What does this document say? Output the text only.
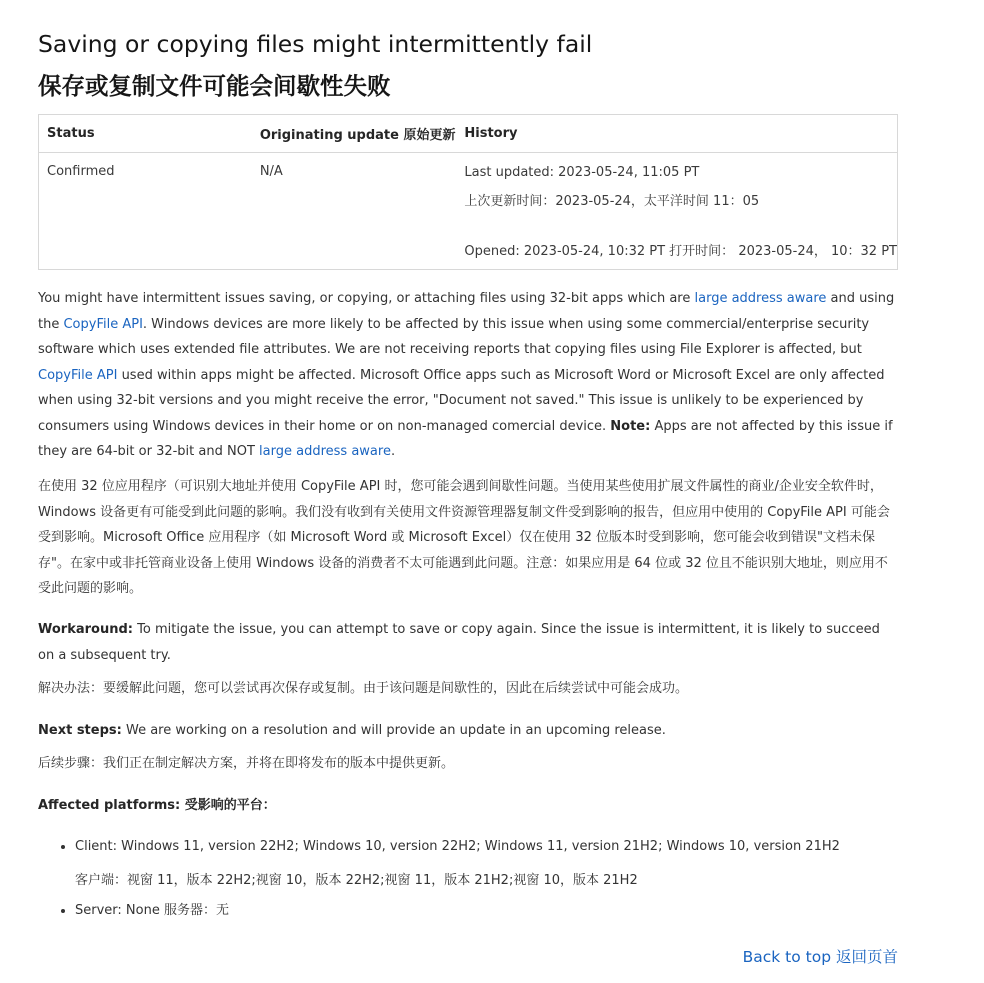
Saving or copying files might intermittently fail
保存或复制文件可能会间歇性失败
Status	Originating update 原始更新	History
Confirmed	N/A	Last updated: 2023-05-24, 11:05 PT
上次更新时间：2023-05-24，太平洋时间 11：05
Opened: 2023-05-24, 10:32 PT 打开时间： 2023-05-24， 10：32 PT
You might have intermittent issues saving, or copying, or attaching files using 32-bit apps which are large address aware and using the CopyFile API. Windows devices are more likely to be affected by this issue when using some commercial/enterprise security software which uses extended file attributes. We are not receiving reports that copying files using File Explorer is affected, but CopyFile API used within apps might be affected. Microsoft Office apps such as Microsoft Word or Microsoft Excel are only affected when using 32-bit versions and you might receive the error, "Document not saved." This issue is unlikely to be experienced by consumers using Windows devices in their home or on non-managed comercial device. Note: Apps are not affected by this issue if they are 64-bit or 32-bit and NOT large address aware.
在使用 32 位应用程序（可识别大地址并使用 CopyFile API 时，您可能会遇到间歇性问题。当使用某些使用扩展文件属性的商业/企业安全软件时，Windows 设备更有可能受到此问题的影响。我们没有收到有关使用文件资源管理器复制文件受到影响的报告，但应用中使用的 CopyFile API 可能会受到影响。Microsoft Office 应用程序（如 Microsoft Word 或 Microsoft Excel）仅在使用 32 位版本时受到影响，您可能会收到错误"文档未保存"。在家中或非托管商业设备上使用 Windows 设备的消费者不太可能遇到此问题。注意：如果应用是 64 位或 32 位且不能识别大地址，则应用不受此问题的影响。
Workaround: To mitigate the issue, you can attempt to save or copy again. Since the issue is intermittent, it is likely to succeed on a subsequent try.
解决办法：要缓解此问题，您可以尝试再次保存或复制。由于该问题是间歇性的，因此在后续尝试中可能会成功。
Next steps: We are working on a resolution and will provide an update in an upcoming release.
后续步骤：我们正在制定解决方案，并将在即将发布的版本中提供更新。
Affected platforms: 受影响的平台：
• Client: Windows 11, version 22H2; Windows 10, version 22H2; Windows 11, version 21H2; Windows 10, version 21H2
客户端：视窗 11，版本 22H2;视窗 10，版本 22H2;视窗 11，版本 21H2;视窗 10，版本 21H2
• Server: None 服务器：无
Back to top 返回页首
